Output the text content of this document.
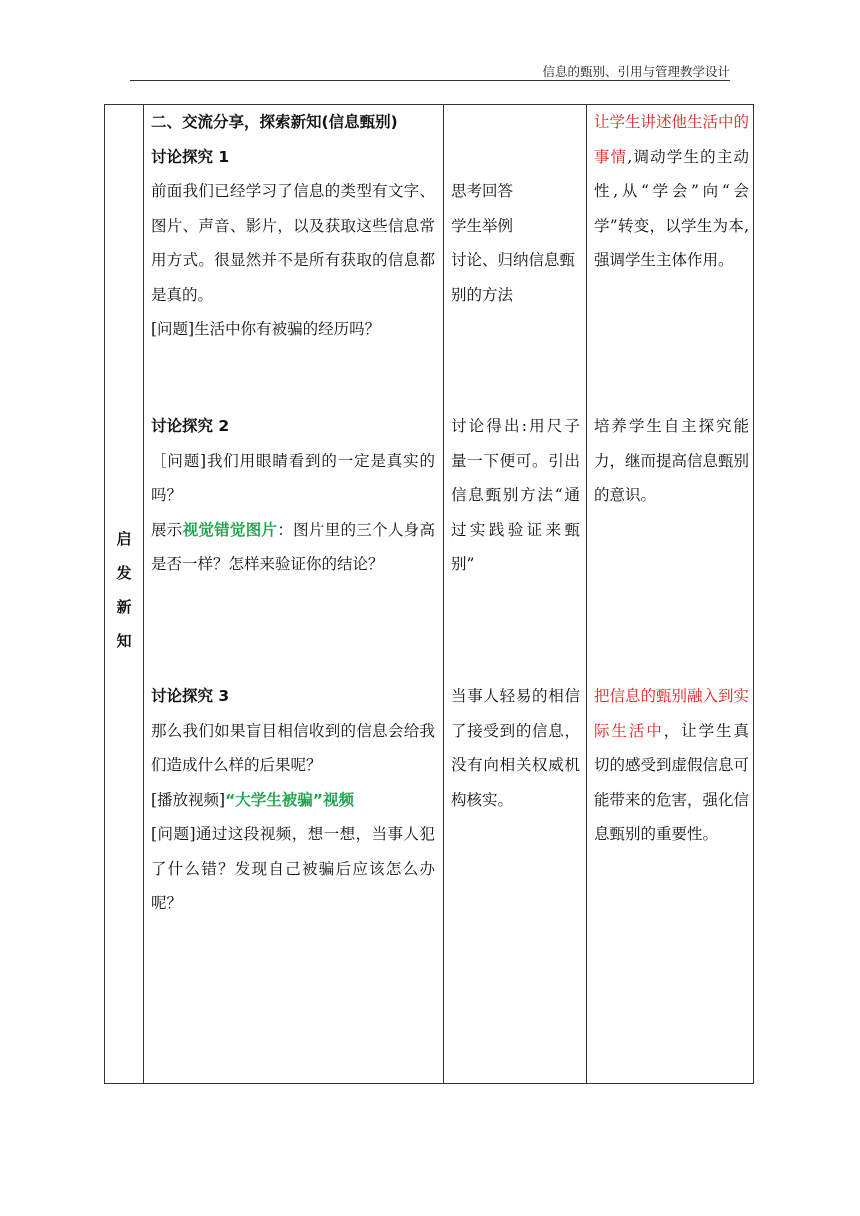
信息的甄别、引用与管理教学设计
启
发
新
知

二、交流分享，探索新知(信息甄别)

讨论探究 1

前面我们已经学习了信息的类型有文字、图片、声音、影片，以及获取这些信息常用方式。很显然并不是所有获取的信息都是真的。

[问题]生活中你有被骗的经历吗？

讨论探究 2

［问题]我们用眼睛看到的一定是真实的吗？

展示视觉错觉图片：图片里的三个人身高是否一样？怎样来验证你的结论？

讨论探究 3

那么我们如果盲目相信收到的信息会给我们造成什么样的后果呢？

[播放视频]“大学生被骗”视频

[问题]通过这段视频，想一想，当事人犯了什么错？发现自己被骗后应该怎么办呢？

思考回答

学生举例

讨论、归纳信息甄别的方法

讨论得出:用尺子量一下便可。引出信息甄别方法“通过实践验证来甄别”
当事人轻易的相信了接受到的信息，没有向相关权威机构核实。
让学生讲述他生活中的事情,调动学生的主动性,从“学会”向“会学”转变，以学生为本,强调学生主体作用。
培养学生自主探究能力，继而提高信息甄别的意识。
把信息的甄别融入到实际生活中，让学生真切的感受到虚假信息可能带来的危害，强化信息甄别的重要性。
